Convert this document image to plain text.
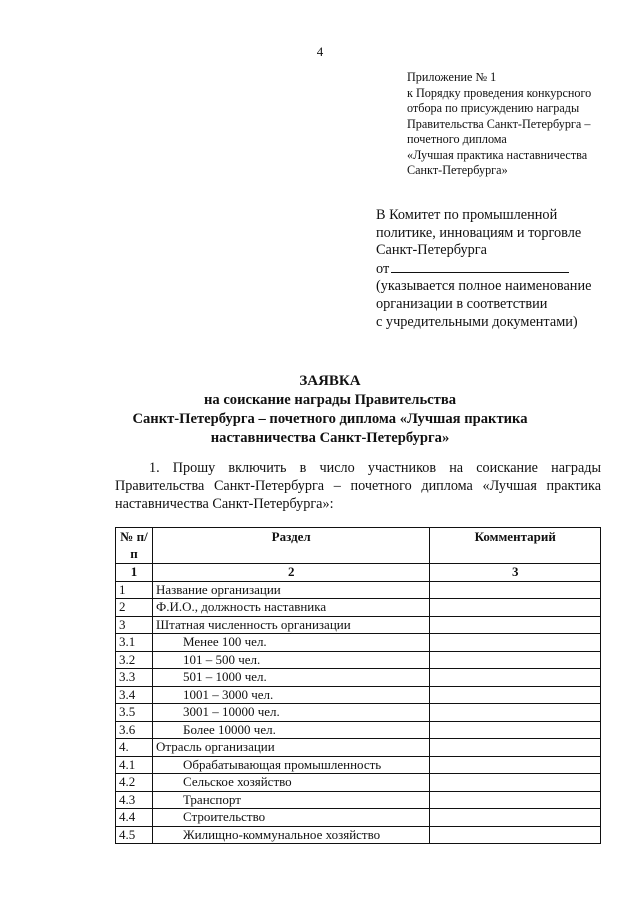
4
Приложение № 1
к Порядку проведения конкурсного
отбора по присуждению награды
Правительства Санкт-Петербурга –
почетного диплома
«Лучшая практика наставничества
Санкт-Петербурга»
В Комитет по промышленной
политике, инновациям и торговле
Санкт-Петербурга
от
(указывается полное наименование
организации в соответствии
с учредительными документами)
ЗАЯВКА
на соискание награды Правительства
Санкт-Петербурга – почетного диплома «Лучшая практика
наставничества Санкт-Петербурга»
1. Прошу включить в число участников на соискание награды Правительства Санкт-Петербурга – почетного диплома «Лучшая практика наставничества Санкт-Петербурга»:
№ п/п	Раздел	Комментарий
1	2	3
1	Название организации	
2	Ф.И.О., должность наставника	
3	Штатная численность организации	
3.1	Менее 100 чел.	
3.2	101 – 500 чел.	
3.3	501 – 1000 чел.	
3.4	1001 – 3000 чел.	
3.5	3001 – 10000 чел.	
3.6	Более 10000 чел.	
4.	Отрасль организации	
4.1	Обрабатывающая промышленность	
4.2	Сельское хозяйство	
4.3	Транспорт	
4.4	Строительство	
4.5	Жилищно-коммунальное хозяйство	
